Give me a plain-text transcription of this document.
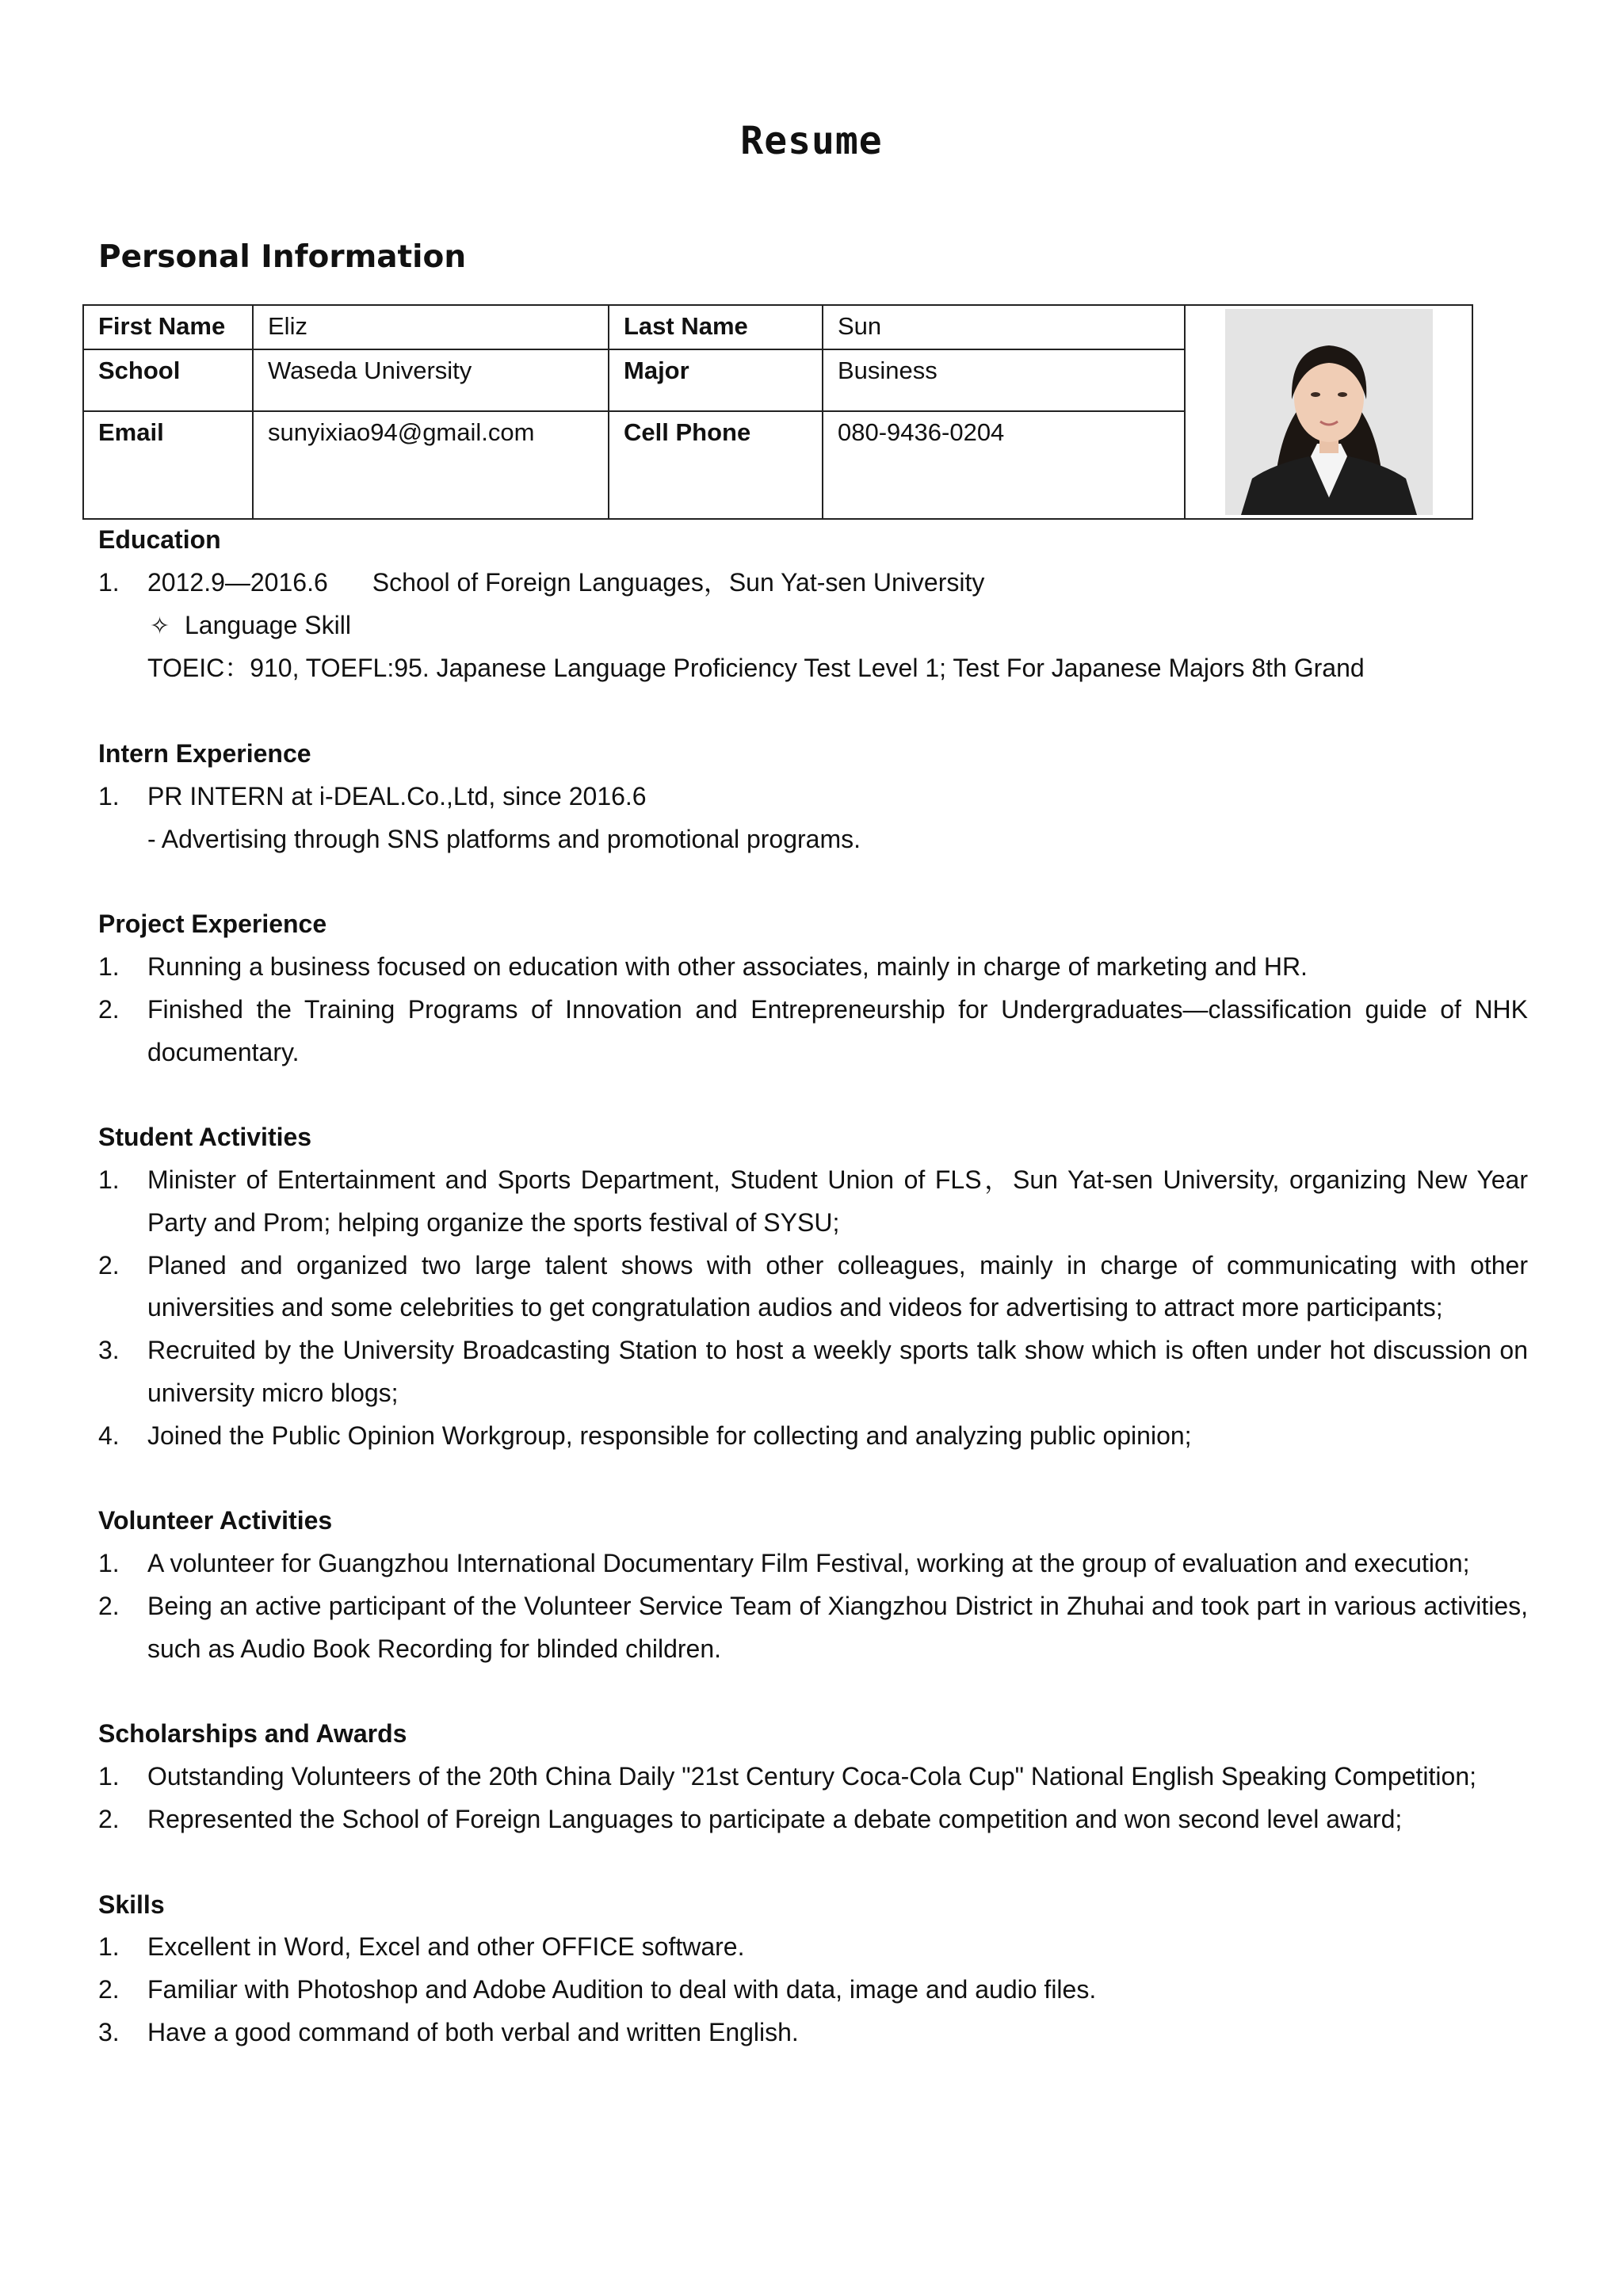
Resume
Personal Information
First Name	Eliz	Last Name	Sun	

School	Waseda University	Major	Business	
Email	sunyixiao94@gmail.com	Cell Phone	080-9436-0204	
Education
1. 2012.9—2016.6 School of Foreign Languages，Sun Yat-sen University
✧ Language Skill
TOEIC：910, TOEFL:95. Japanese Language Proficiency Test Level 1; Test For Japanese Majors 8th Grand
Intern Experience
1. PR INTERN at i-DEAL.Co.,Ltd, since 2016.6
- Advertising through SNS platforms and promotional programs.
Project Experience
1. Running a business focused on education with other associates, mainly in charge of marketing and HR.
2. Finished the Training Programs of Innovation and Entrepreneurship for Undergraduates—classification guide of NHK documentary.
Student Activities
1. Minister of Entertainment and Sports Department, Student Union of FLS，Sun Yat-sen University, organizing New Year Party and Prom; helping organize the sports festival of SYSU;
2. Planed and organized two large talent shows with other colleagues, mainly in charge of communicating with other universities and some celebrities to get congratulation audios and videos for advertising to attract more participants;
3. Recruited by the University Broadcasting Station to host a weekly sports talk show which is often under hot discussion on university micro blogs;
4. Joined the Public Opinion Workgroup, responsible for collecting and analyzing public opinion;
Volunteer Activities
1. A volunteer for Guangzhou International Documentary Film Festival, working at the group of evaluation and execution;
2. Being an active participant of the Volunteer Service Team of Xiangzhou District in Zhuhai and took part in various activities, such as Audio Book Recording for blinded children.
Scholarships and Awards
1. Outstanding Volunteers of the 20th China Daily "21st Century Coca-Cola Cup" National English Speaking Competition;
2. Represented the School of Foreign Languages to participate a debate competition and won second level award;
Skills
1. Excellent in Word, Excel and other OFFICE software.
2. Familiar with Photoshop and Adobe Audition to deal with data, image and audio files.
3. Have a good command of both verbal and written English.
